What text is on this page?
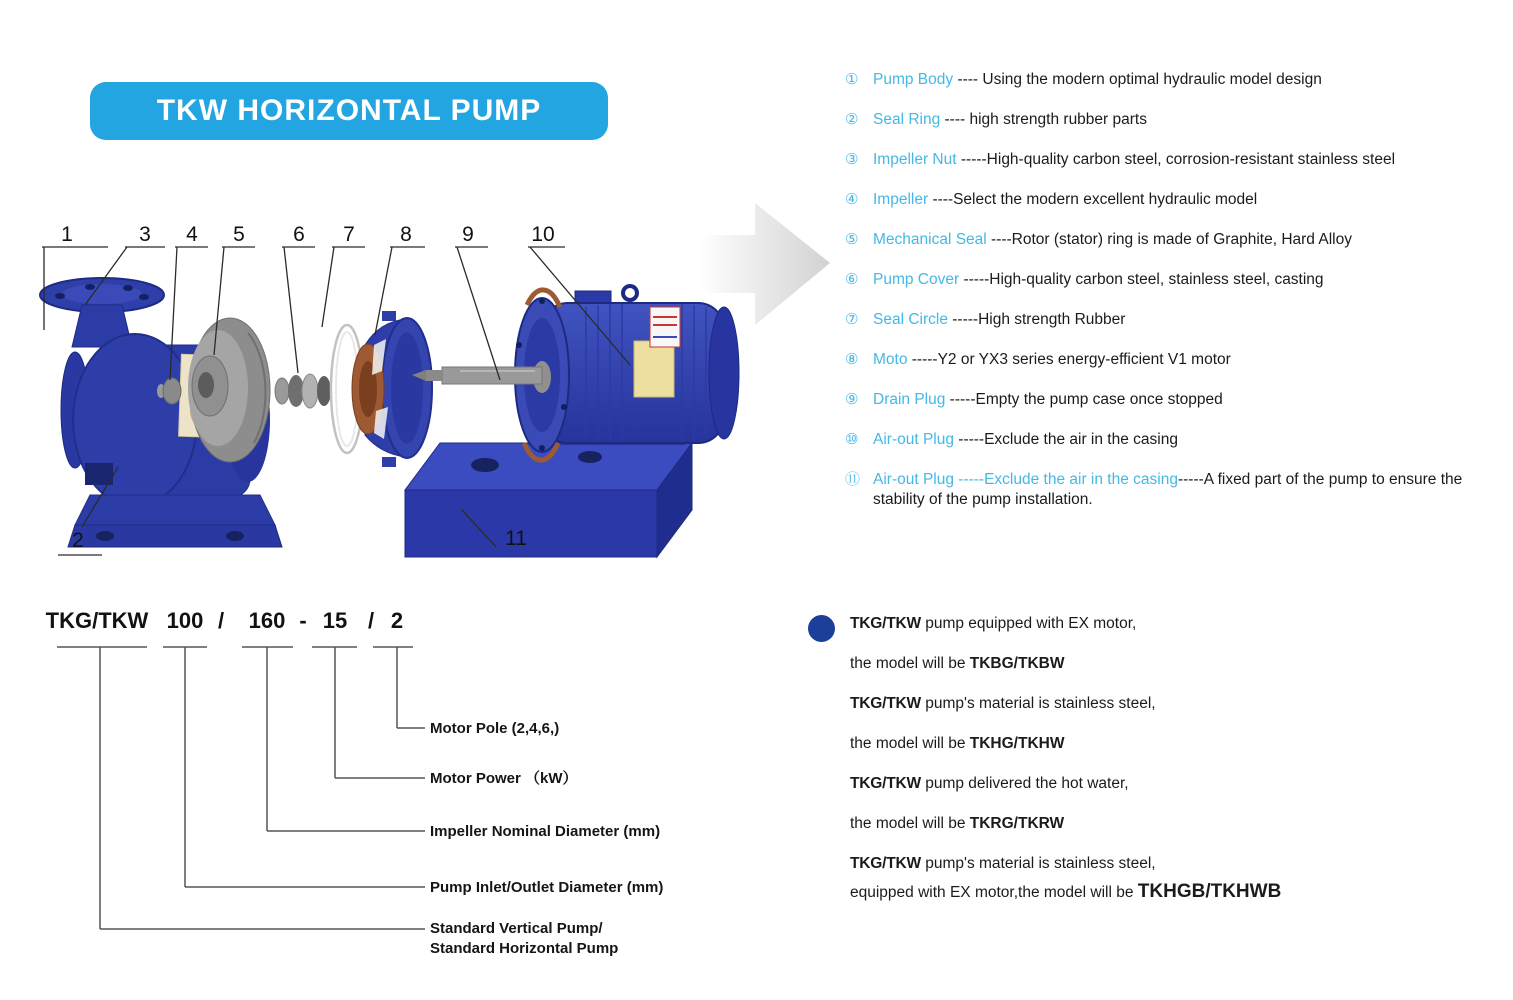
TKW HORIZONTAL PUMP
1
2
3 4 5 6 7 8 9	10
11
① Pump Body ---- Using the modern optimal hydraulic model design
② Seal Ring ---- high strength rubber parts
③ Impeller Nut -----High-quality carbon steel, corrosion-resistant stainless steel
④ Impeller ----Select the modern excellent hydraulic model
⑤ Mechanical Seal ----Rotor (stator) ring is made of Graphite, Hard Alloy
⑥ Pump Cover -----High-quality carbon steel, stainless steel, casting
⑦ Seal Circle -----High strength Rubber
⑧ Moto -----Y2 or YX3 series energy-efficient V1 motor
⑨ Drain Plug -----Empty the pump case once stopped
⑩ Air-out Plug -----Exclude the air in the casing
⑪ Air-out Plug -----Exclude the air in the casing-----A fixed part of the pump to ensure the stability of the pump installation.
TKG/TKW 100 / 160 - 15 / 2
Motor Pole (2,4,6,)
Motor Power （kW）
Impeller Nominal Diameter (mm)
Pump Inlet/Outlet Diameter (mm)
Standard Vertical Pump/
Standard Horizontal Pump
TKG/TKW pump equipped with EX motor,
the model will be TKBG/TKBW
TKG/TKW pump's material is stainless steel,
the model will be TKHG/TKHW
TKG/TKW pump delivered the hot water,
the model will be TKRG/TKRW
TKG/TKW pump's material is stainless steel,
equipped with EX motor,the model will be TKHGB/TKHWB
